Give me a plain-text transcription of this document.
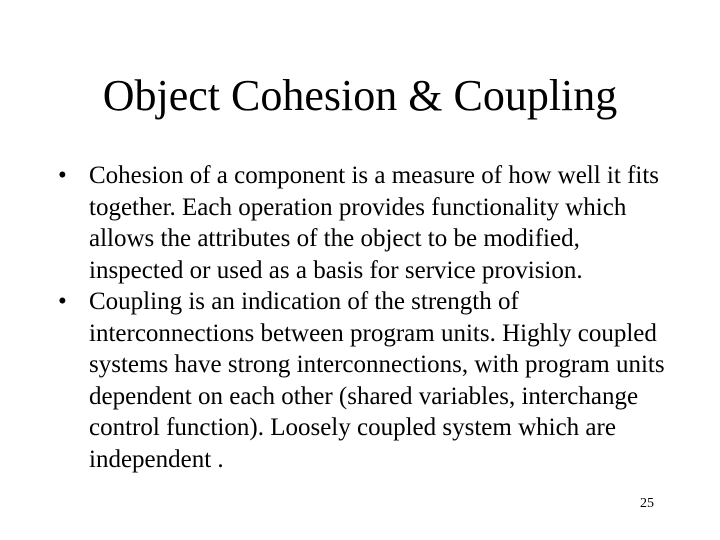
Object Cohesion & Coupling
• Cohesion of a component is a measure of how well it fits together. Each operation provides functionality which allows the attributes of the object to be modified, inspected or used as a basis for service provision.
• Coupling is an indication of the strength of interconnections between program units. Highly coupled systems have strong interconnections, with program units dependent on each other (shared variables, interchange control function). Loosely coupled system which are independent .
25
